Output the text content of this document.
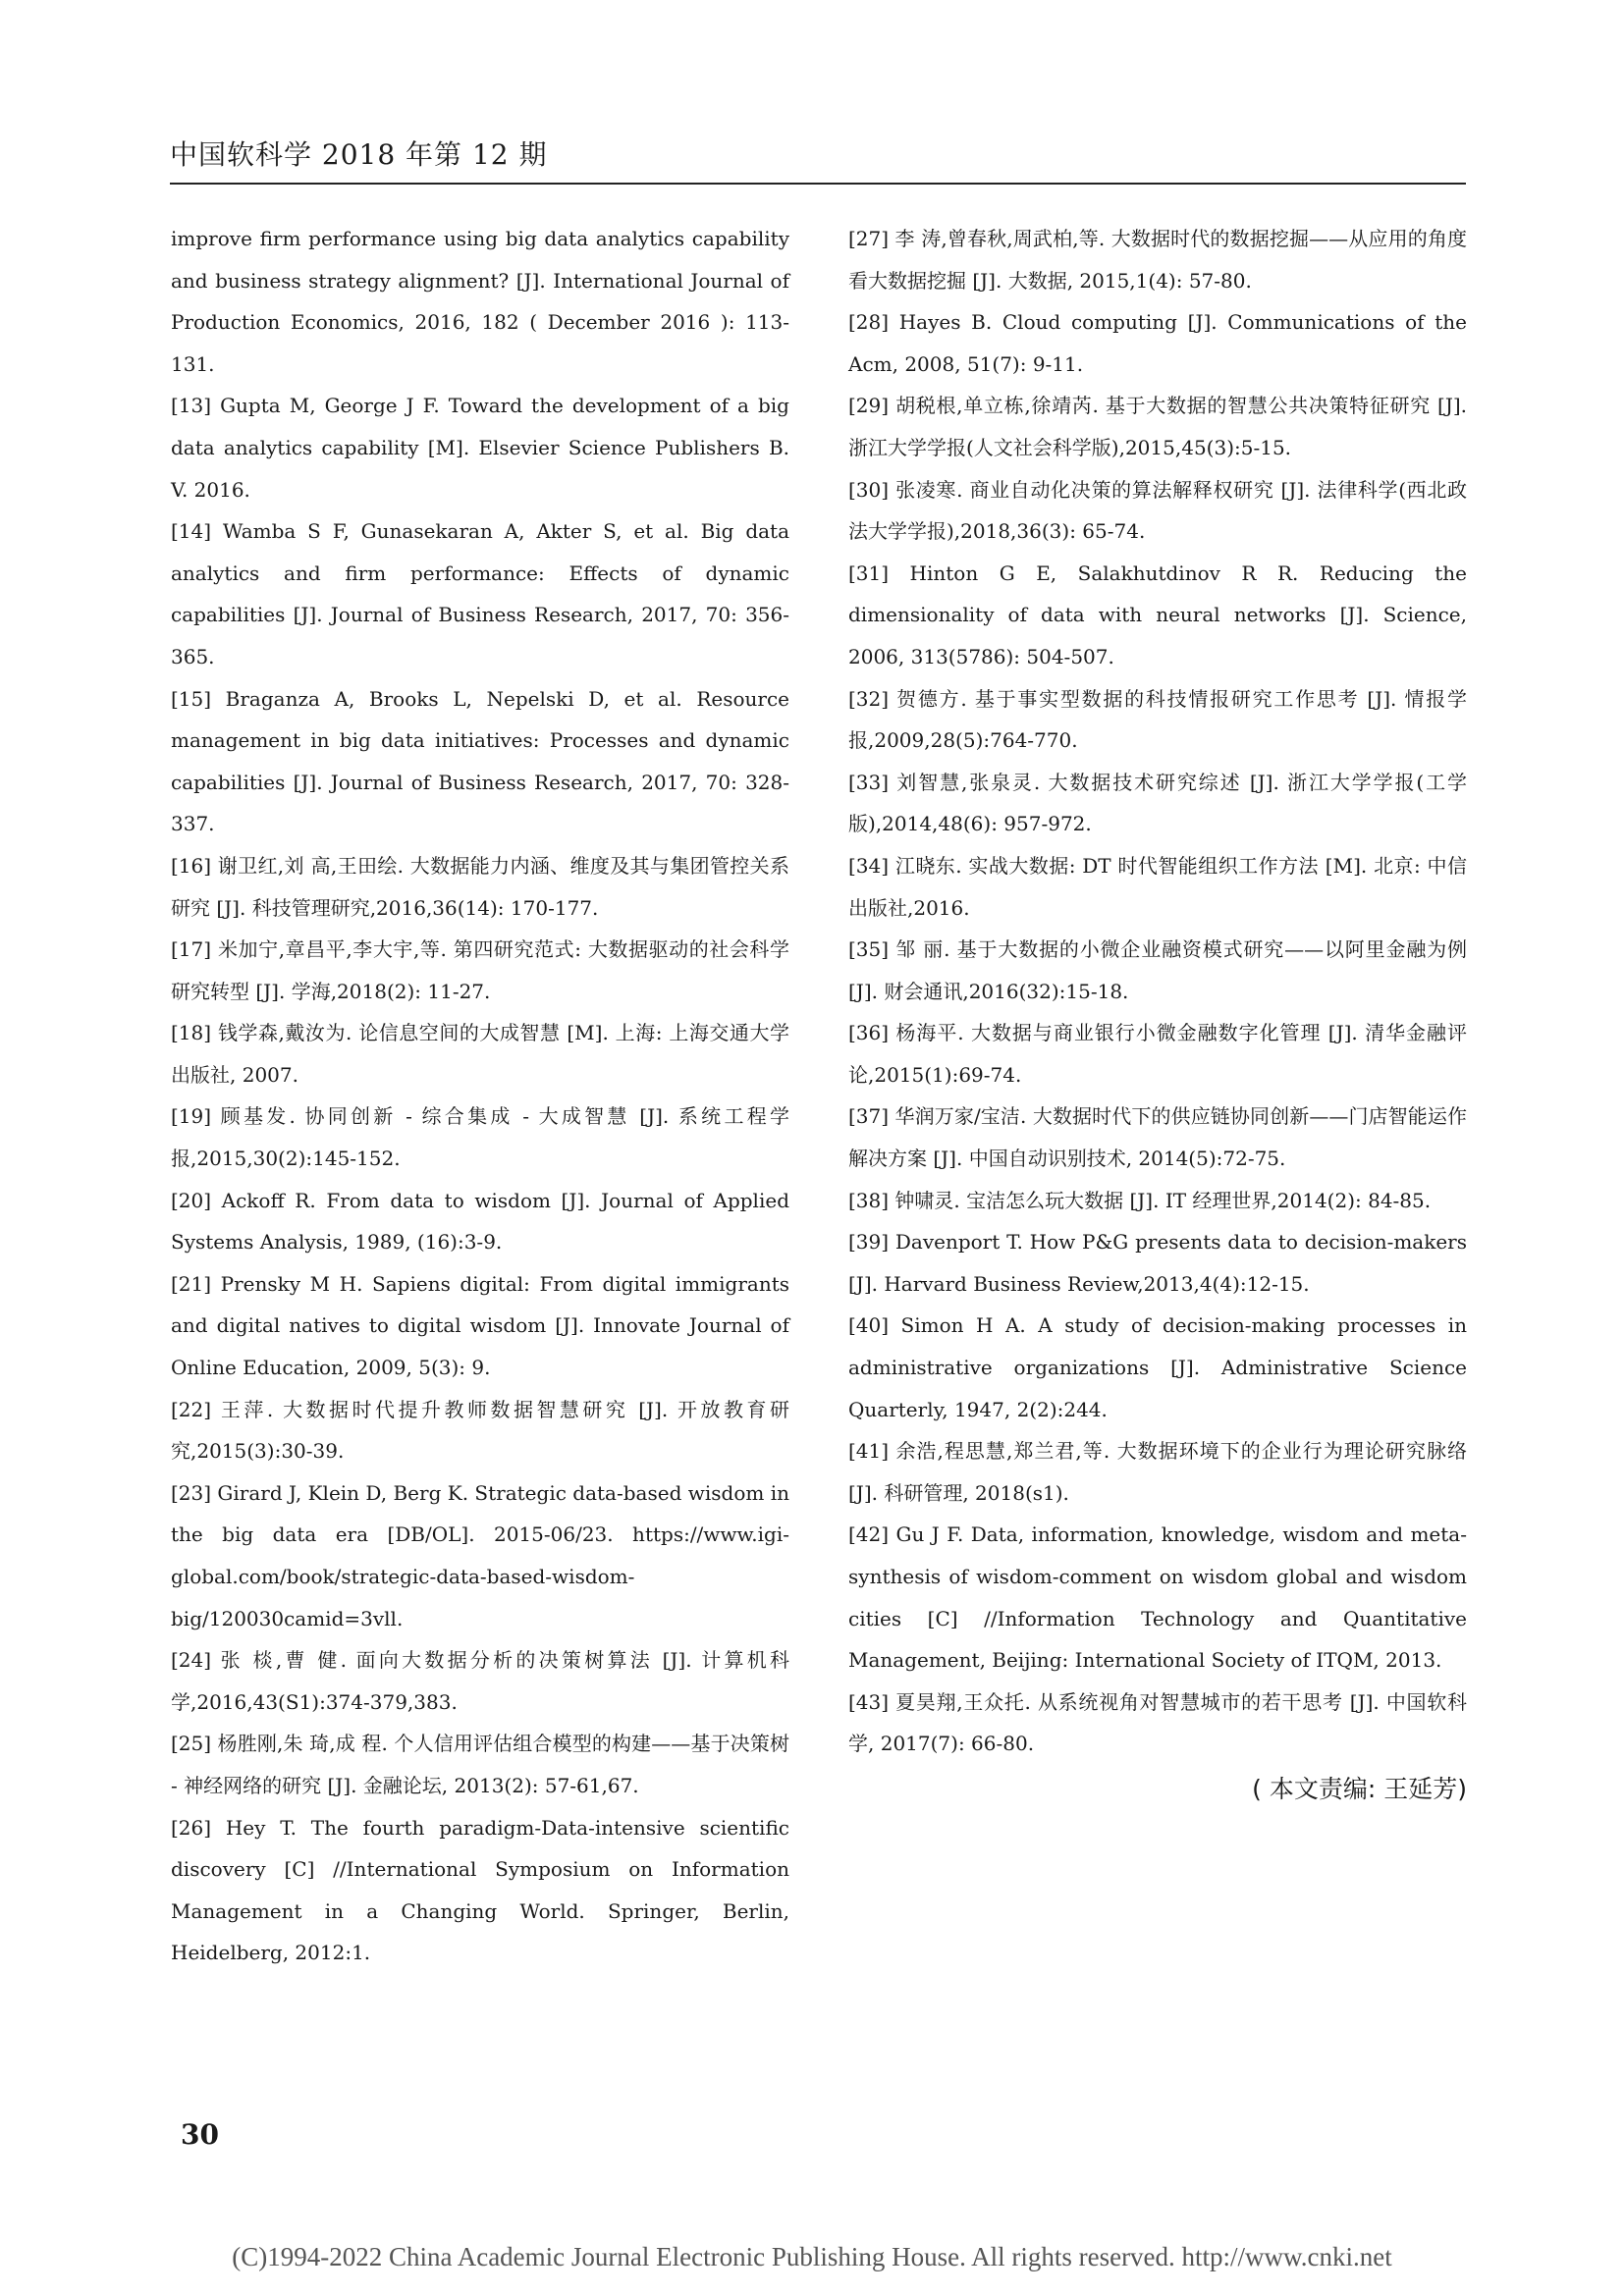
中国软科学 2018 年第 12 期

improve firm performance using big data analytics capability and business strategy alignment? [J]. International Journal of Production Economics, 2016, 182 ( December 2016 ): 113-131.

[13] Gupta M, George J F. Toward the development of a big data analytics capability [M]. Elsevier Science Publishers B. V. 2016.

[14] Wamba S F, Gunasekaran A, Akter S, et al. Big data analytics and firm performance: Effects of dynamic capabilities [J]. Journal of Business Research, 2017, 70: 356-365.

[15] Braganza A, Brooks L, Nepelski D, et al. Resource management in big data initiatives: Processes and dynamic capabilities [J]. Journal of Business Research, 2017, 70: 328-337.

[16] 谢卫红,刘 高,王田绘. 大数据能力内涵、维度及其与集团管控关系研究 [J]. 科技管理研究,2016,36(14): 170-177.

[17] 米加宁,章昌平,李大宇,等. 第四研究范式: 大数据驱动的社会科学研究转型 [J]. 学海,2018(2): 11-27.

[18] 钱学森,戴汝为. 论信息空间的大成智慧 [M]. 上海: 上海交通大学出版社, 2007.

[19] 顾基发. 协同创新 - 综合集成 - 大成智慧 [J]. 系统工程学报,2015,30(2):145-152.

[20] Ackoff R. From data to wisdom [J]. Journal of Applied Systems Analysis, 1989, (16):3-9.

[21] Prensky M H. Sapiens digital: From digital immigrants and digital natives to digital wisdom [J]. Innovate Journal of Online Education, 2009, 5(3): 9.

[22] 王萍. 大数据时代提升教师数据智慧研究 [J]. 开放教育研究,2015(3):30-39.

[23] Girard J, Klein D, Berg K. Strategic data-based wisdom in the big data era [DB/OL]. 2015-06/23. https://www.igi-global.com/book/strategic-data-based-wisdom-big/120030camid=3vll.

[24] 张 棪,曹 健. 面向大数据分析的决策树算法 [J]. 计算机科学,2016,43(S1):374-379,383.

[25] 杨胜刚,朱 琦,成 程. 个人信用评估组合模型的构建——基于决策树 - 神经网络的研究 [J]. 金融论坛, 2013(2): 57-61,67.

[26] Hey T. The fourth paradigm-Data-intensive scientific discovery [C] //International Symposium on Information Management in a Changing World. Springer, Berlin, Heidelberg, 2012:1.

[27] 李 涛,曾春秋,周武柏,等. 大数据时代的数据挖掘——从应用的角度看大数据挖掘 [J]. 大数据, 2015,1(4): 57-80.

[28] Hayes B. Cloud computing [J]. Communications of the Acm, 2008, 51(7): 9-11.

[29] 胡税根,单立栋,徐靖芮. 基于大数据的智慧公共决策特征研究 [J]. 浙江大学学报(人文社会科学版),2015,45(3):5-15.

[30] 张凌寒. 商业自动化决策的算法解释权研究 [J]. 法律科学(西北政法大学学报),2018,36(3): 65-74.

[31] Hinton G E, Salakhutdinov R R. Reducing the dimensionality of data with neural networks [J]. Science, 2006, 313(5786): 504-507.

[32] 贺德方. 基于事实型数据的科技情报研究工作思考 [J]. 情报学报,2009,28(5):764-770.

[33] 刘智慧,张泉灵. 大数据技术研究综述 [J]. 浙江大学学报(工学版),2014,48(6): 957-972.

[34] 江晓东. 实战大数据: DT 时代智能组织工作方法 [M]. 北京: 中信出版社,2016.

[35] 邹 丽. 基于大数据的小微企业融资模式研究——以阿里金融为例 [J]. 财会通讯,2016(32):15-18.

[36] 杨海平. 大数据与商业银行小微金融数字化管理 [J]. 清华金融评论,2015(1):69-74.

[37] 华润万家/宝洁. 大数据时代下的供应链协同创新——门店智能运作解决方案 [J]. 中国自动识别技术, 2014(5):72-75.

[38] 钟啸灵. 宝洁怎么玩大数据 [J]. IT 经理世界,2014(2): 84-85.

[39] Davenport T. How P&G presents data to decision-makers [J]. Harvard Business Review,2013,4(4):12-15.

[40] Simon H A. A study of decision-making processes in administrative organizations [J]. Administrative Science Quarterly, 1947, 2(2):244.

[41] 余浩,程思慧,郑兰君,等. 大数据环境下的企业行为理论研究脉络 [J]. 科研管理, 2018(s1).

[42] Gu J F. Data, information, knowledge, wisdom and meta-synthesis of wisdom-comment on wisdom global and wisdom cities [C] //Information Technology and Quantitative Management, Beijing: International Society of ITQM, 2013.

[43] 夏昊翔,王众托. 从系统视角对智慧城市的若干思考 [J]. 中国软科学, 2017(7): 66-80.

( 本文责编: 王延芳)

30
(C)1994-2022 China Academic Journal Electronic Publishing House. All rights reserved. http://www.cnki.net
